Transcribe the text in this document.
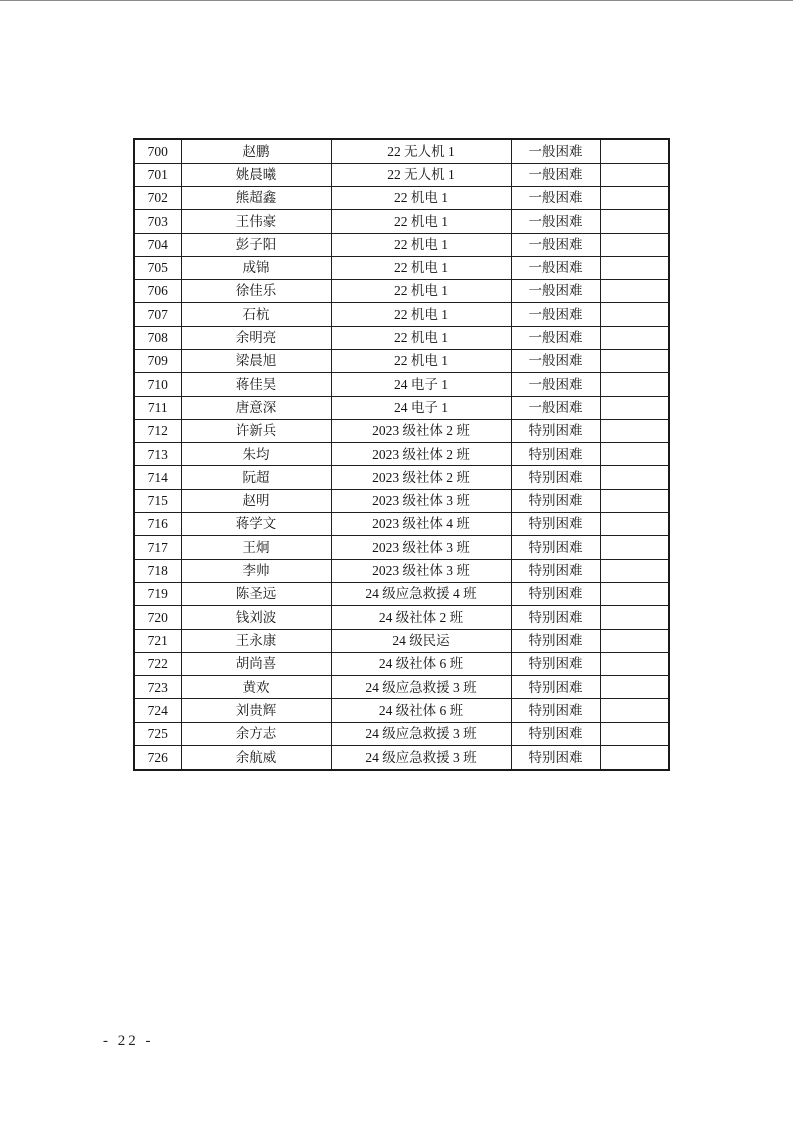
700	赵鹏	22 无人机 1	一般困难	
701	姚晨曦	22 无人机 1	一般困难	
702	熊超鑫	22 机电 1	一般困难	
703	王伟豪	22 机电 1	一般困难	
704	彭子阳	22 机电 1	一般困难	
705	成锦	22 机电 1	一般困难	
706	徐佳乐	22 机电 1	一般困难	
707	石杭	22 机电 1	一般困难	
708	余明亮	22 机电 1	一般困难	
709	梁晨旭	22 机电 1	一般困难	
710	蒋佳昊	24 电子 1	一般困难	
711	唐意深	24 电子 1	一般困难	
712	许新兵	2023 级社体 2 班	特别困难	
713	朱均	2023 级社体 2 班	特别困难	
714	阮超	2023 级社体 2 班	特别困难	
715	赵明	2023 级社体 3 班	特别困难	
716	蒋学文	2023 级社体 4 班	特别困难	
717	王炯	2023 级社体 3 班	特别困难	
718	李帅	2023 级社体 3 班	特别困难	
719	陈圣远	24 级应急救援 4 班	特别困难	
720	钱刘波	24 级社体 2 班	特别困难	
721	王永康	24 级民运	特别困难	
722	胡尚喜	24 级社体 6 班	特别困难	
723	黄欢	24 级应急救援 3 班	特别困难	
724	刘贵辉	24 级社体 6 班	特别困难	
725	余方志	24 级应急救援 3 班	特别困难	
726	余航威	24 级应急救援 3 班	特别困难	
- 22 -
